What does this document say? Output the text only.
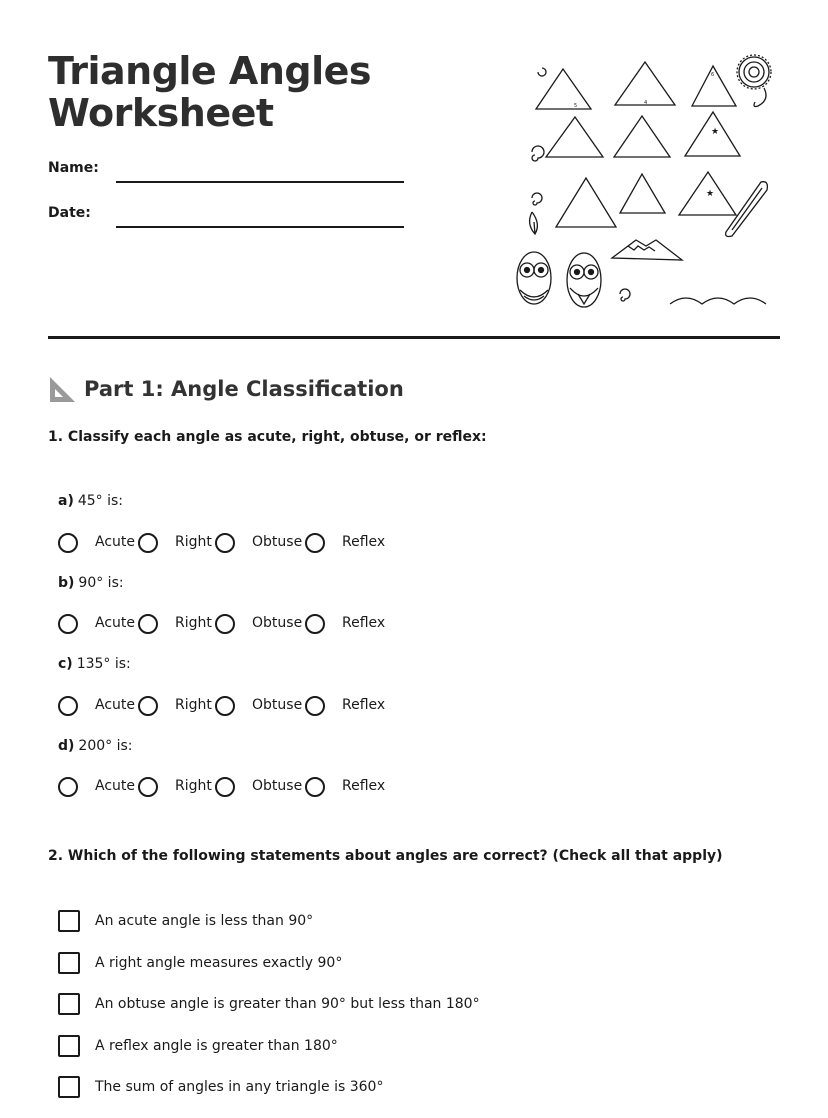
Triangle Angles
Worksheet
Name:
Date:
5	4
6
★
★
Part 1: Angle Classification

1. Classify each angle as acute, right, obtuse, or reflex:

a) 45° is:
Acute	Right	Obtuse	Reflex
b) 90° is:
Acute	Right	Obtuse	Reflex
c) 135° is:
Acute	Right	Obtuse	Reflex
d) 200° is:
Acute	Right	Obtuse	Reflex

2. Which of the following statements about angles are correct? (Check all that apply)

An acute angle is less than 90°
A right angle measures exactly 90°
An obtuse angle is greater than 90° but less than 180°
A reflex angle is greater than 180°
The sum of angles in any triangle is 360°
